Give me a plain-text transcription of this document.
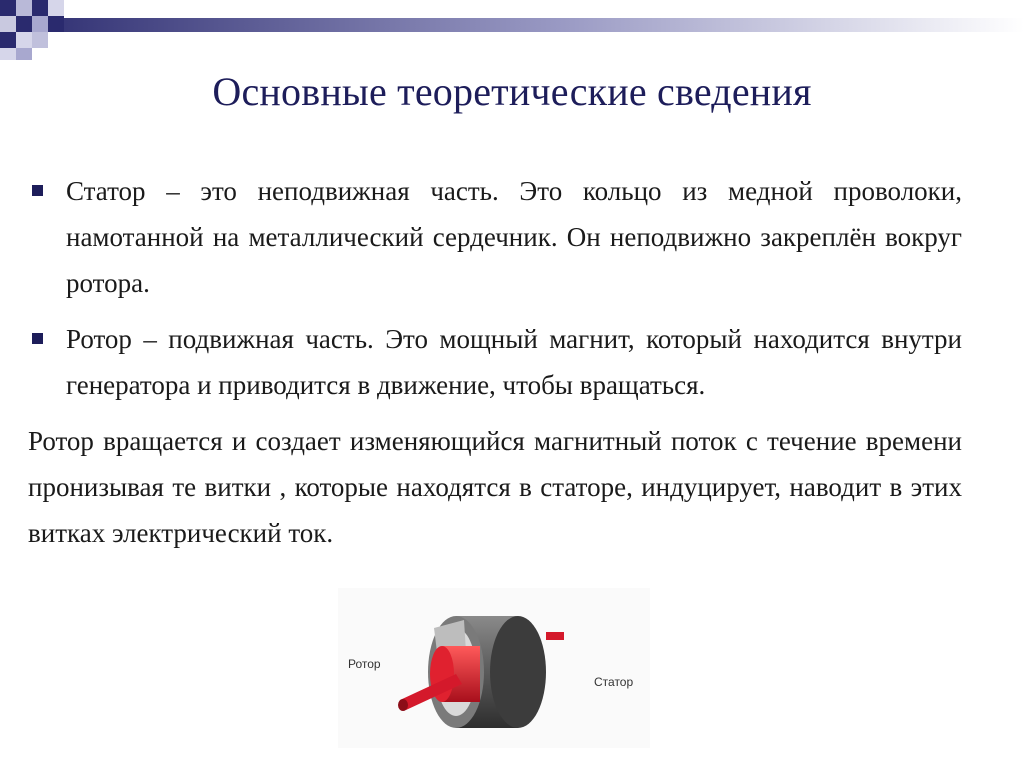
Основные теоретические сведения
Статор – это неподвижная часть. Это кольцо из медной проволоки, намотанной на металлический сердечник. Он неподвижно закреплён вокруг ротора.
Ротор – подвижная часть. Это мощный магнит, который находится внутри генератора и приводится в движение, чтобы вращаться.
Ротор вращается и создает изменяющийся магнитный поток с течение времени пронизывая те витки , которые находятся в статоре, индуцирует, наводит в этих витках электрический ток.
Ротор
Статор
